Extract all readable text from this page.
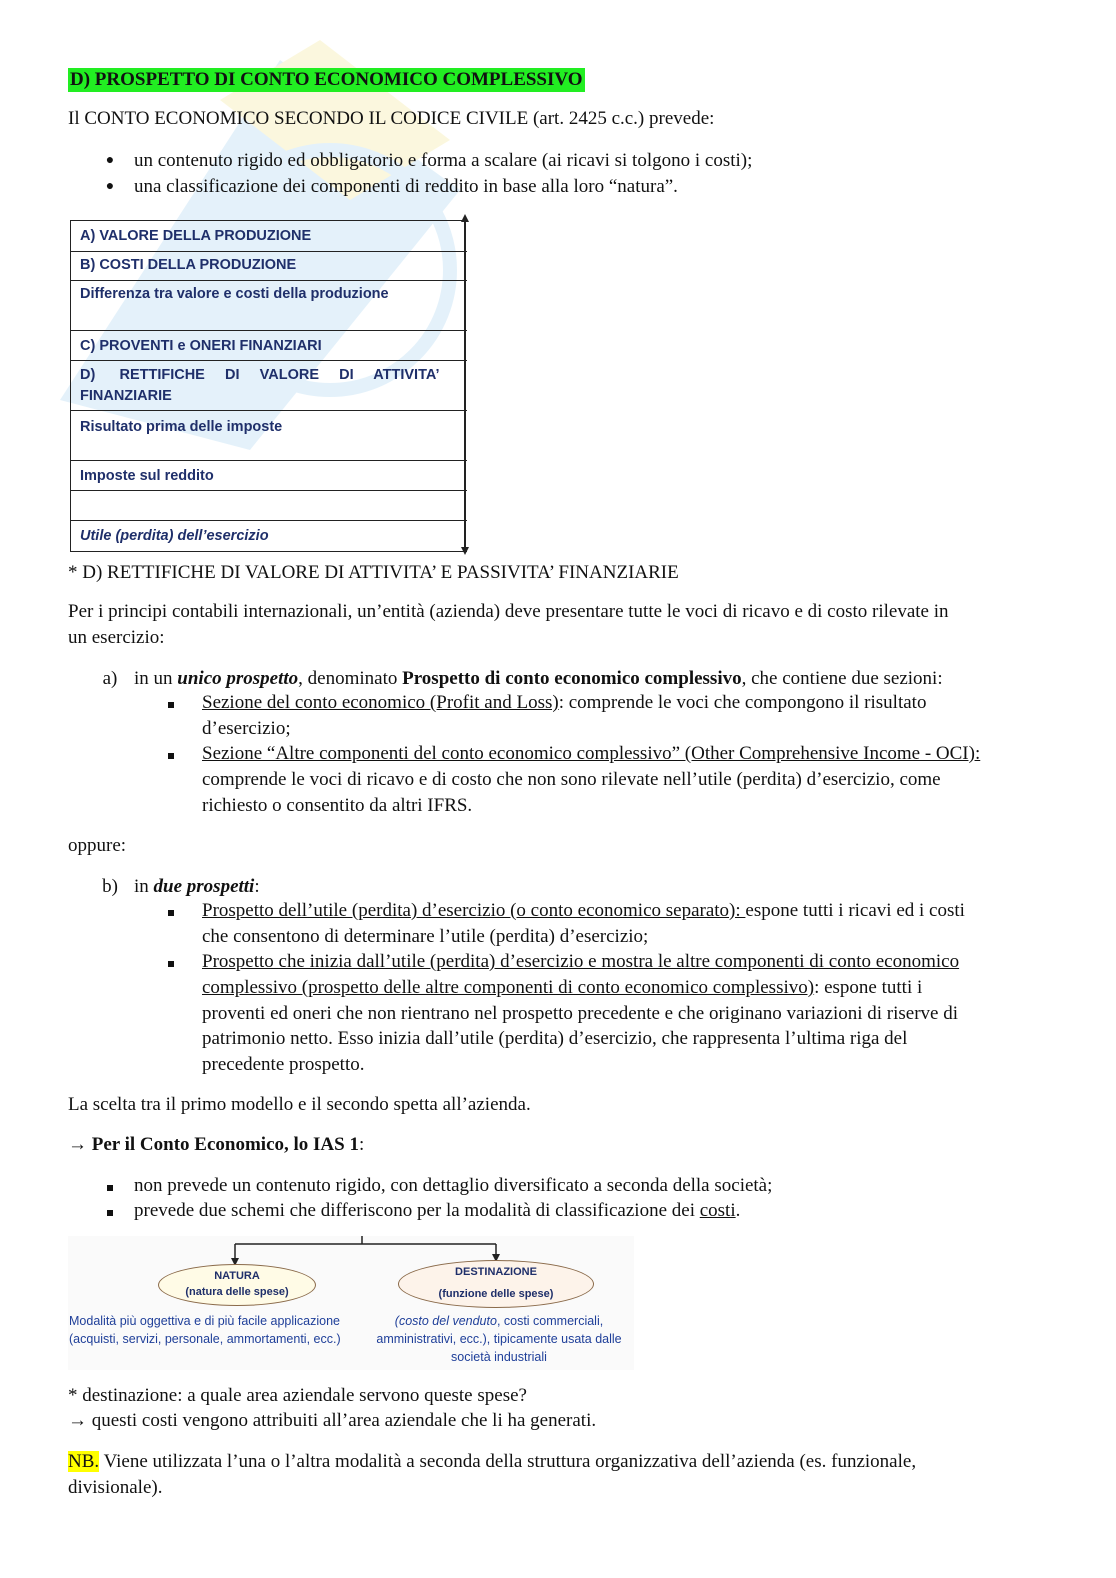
D) PROSPETTO DI CONTO ECONOMICO COMPLESSIVO
Il CONTO ECONOMICO SECONDO IL CODICE CIVILE (art. 2425 c.c.) prevede:
●	un contenuto rigido ed obbligatorio e forma a scalare (ai ricavi si tolgono i costi);
●	una classificazione dei componenti di reddito in base alla loro “natura”.
A) VALORE DELLA PRODUZIONE
B) COSTI DELLA PRODUZIONE
Differenza tra valore e costi della produzione
C) PROVENTI e ONERI FINANZIARI
D)      RETTIFICHE     DI     VALORE     DI     ATTIVITA’
FINANZIARIE
Risultato prima delle imposte
Imposte sul reddito
Utile (perdita) dell’esercizio
* D) RETTIFICHE DI VALORE DI ATTIVITA’ E PASSIVITA’ FINANZIARIE
Per i principi contabili internazionali, un’entità (azienda) deve presentare tutte le voci di ricavo e di costo rilevate in
un esercizio:
a) in un unico prospetto, denominato Prospetto di conto economico complessivo, che contiene due sezioni:
Sezione del conto economico (Profit and Loss): comprende le voci che compongono il risultato
d’esercizio;
Sezione “Altre componenti del conto economico complessivo” (Other Comprehensive Income - OCI):
comprende le voci di ricavo e di costo che non sono rilevate nell’utile (perdita) d’esercizio, come
richiesto o consentito da altri IFRS.
oppure:
b) in due prospetti:
Prospetto dell’utile (perdita) d’esercizio (o conto economico separato): espone tutti i ricavi ed i costi
che consentono di determinare l’utile (perdita) d’esercizio;
Prospetto che inizia dall’utile (perdita) d’esercizio e mostra le altre componenti di conto economico
complessivo (prospetto delle altre componenti di conto economico complessivo): espone tutti i
proventi ed oneri che non rientrano nel prospetto precedente e che originano variazioni di riserve di
patrimonio netto. Esso inizia dall’utile (perdita) d’esercizio, che rappresenta l’ultima riga del
precedente prospetto.
La scelta tra il primo modello e il secondo spetta all’azienda.
→ Per il Conto Economico, lo IAS 1:
non prevede un contenuto rigido, con dettaglio diversificato a seconda della società;
prevede due schemi che differiscono per la modalità di classificazione dei costi.
NATURA
(natura delle spese)
DESTINAZIONE
(funzione delle spese)
Modalità più oggettiva e di più facile applicazione
(acquisti, servizi, personale, ammortamenti, ecc.)
(costo del venduto, costi commerciali,
amministrativi, ecc.), tipicamente usata dalle
società industriali
* destinazione: a quale area aziendale servono queste spese?
→ questi costi vengono attribuiti all’area aziendale che li ha generati.
NB. Viene utilizzata l’una o l’altra modalità a seconda della struttura organizzativa dell’azienda (es. funzionale,
divisionale).
